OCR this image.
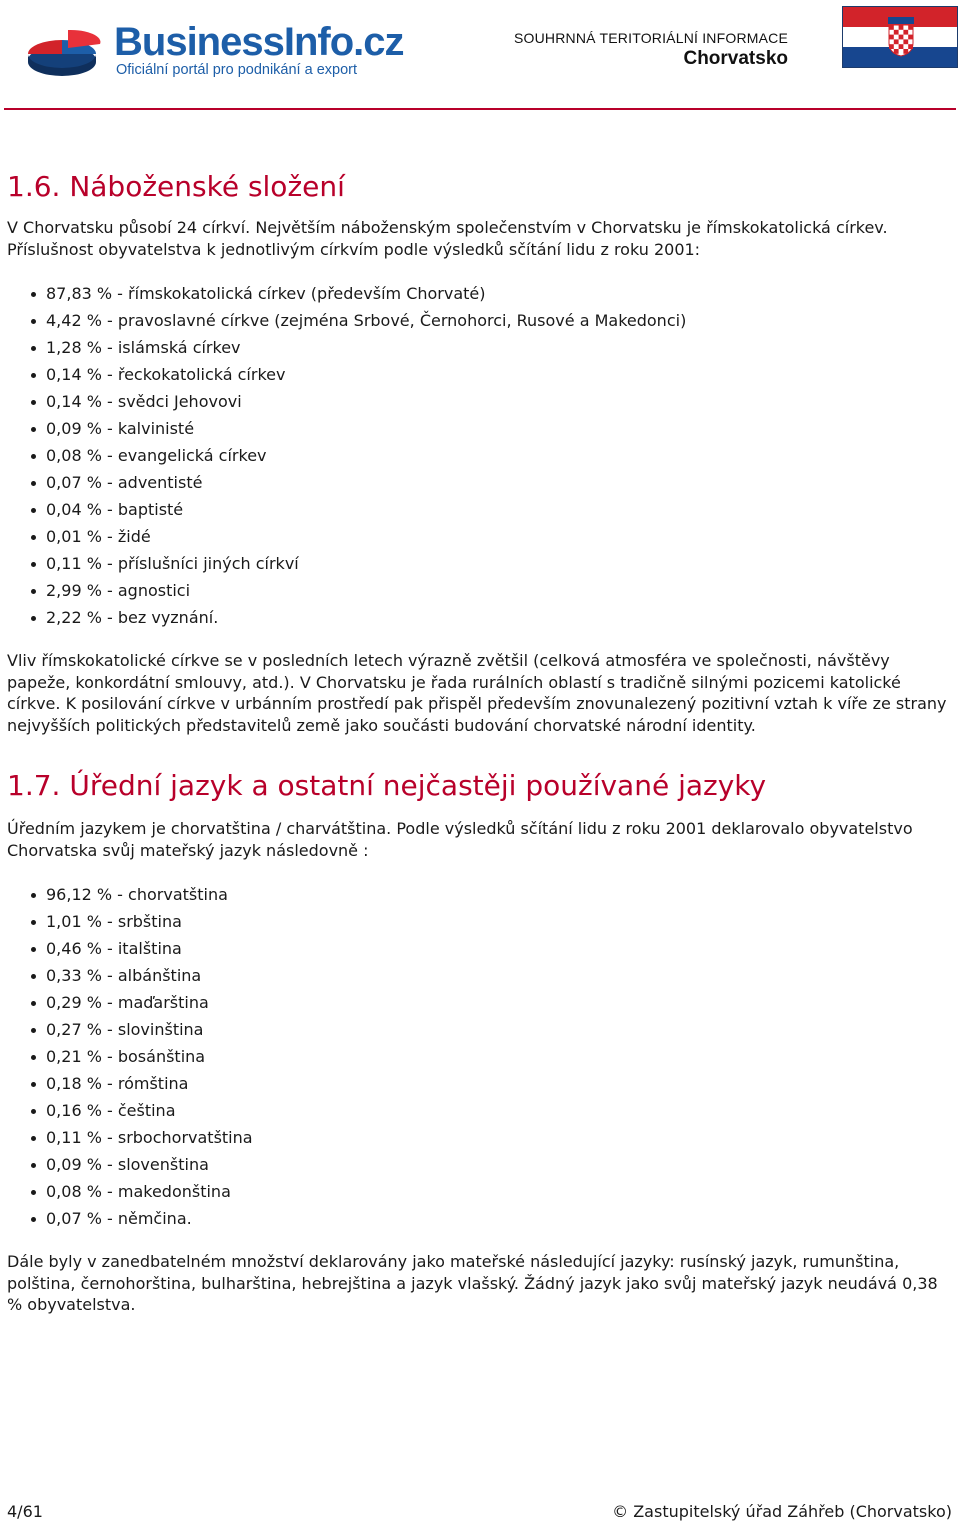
BusinessInfo.cz
Oficiální portál pro podnikání a export
SOUHRNNÁ TERITORIÁLNÍ INFORMACE
Chorvatsko
1.6. Náboženské složení

V Chorvatsku působí 24 církví. Největším náboženským společenstvím v Chorvatsku je římskokatolická církev. Příslušnost obyvatelstva k jednotlivým církvím podle výsledků sčítání lidu z roku 2001:

87,83 % - římskokatolická církev (především Chorvaté)
4,42 % - pravoslavné církve (zejména Srbové, Černohorci, Rusové a Makedonci)
1,28 % - islámská církev
0,14 % - řeckokatolická církev
0,14 % - svědci Jehovovi
0,09 % - kalvinisté
0,08 % - evangelická církev
0,07 % - adventisté
0,04 % - baptisté
0,01 % - židé
0,11 % - příslušníci jiných církví
2,99 % - agnostici
2,22 % - bez vyznání.

Vliv římskokatolické církve se v posledních letech výrazně zvětšil (celková atmosféra ve společnosti, návštěvy papeže, konkordátní smlouvy, atd.). V Chorvatsku je řada rurálních oblastí s tradičně silnými pozicemi katolické církve. K posilování církve v urbánním prostředí pak přispěl především znovunalezený pozitivní vztah k víře ze strany nejvyšších politických představitelů země jako součásti budování chorvatské národní identity.

1.7. Úřední jazyk a ostatní nejčastěji používané jazyky

Úředním jazykem je chorvatština / charvátština. Podle výsledků sčítání lidu z roku 2001 deklarovalo obyvatelstvo Chorvatska svůj mateřský jazyk následovně :

96,12 % - chorvatština
1,01 % - srbština
0,46 % - italština
0,33 % - albánština
0,29 % - maďarština
0,27 % - slovinština
0,21 % - bosánština
0,18 % - rómština
0,16 % - čeština
0,11 % - srbochorvatština
0,09 % - slovenština
0,08 % - makedonština
0,07 % - němčina.

Dále byly v zanedbatelném množství deklarovány jako mateřské následující jazyky: rusínský jazyk, rumunština, polština, černohorština, bulharština, hebrejština a jazyk vlašský. Žádný jazyk jako svůj mateřský jazyk neudává 0,38 % obyvatelstva.

4/61	© Zastupitelský úřad Záhřeb (Chorvatsko)
